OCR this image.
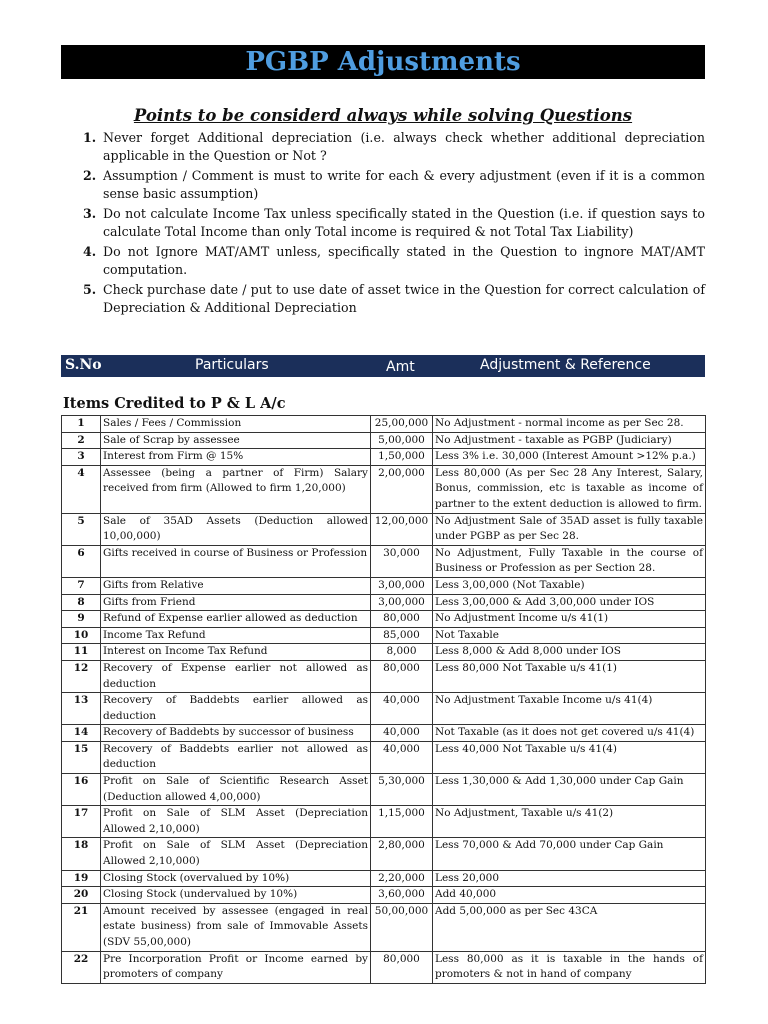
PGBP Adjustments
Points to be considerd always while solving Questions
1. Never forget Additional depreciation (i.e. always check whether additional depreciation applicable in the Question or Not ?
2. Assumption / Comment is must to write for each & every adjustment (even if it is a common sense basic assumption)
3. Do not calculate Income Tax unless specifically stated in the Question (i.e. if question says to calculate Total Income than only Total income is required & not Total Tax Liability)
4. Do not Ignore MAT/AMT unless, specifically stated in the Question to ingnore MAT/AMT computation.
5. Check purchase date / put to use date of asset twice in the Question for correct calculation of Depreciation & Additional Depreciation
S.No	Particulars	Amt	Adjustment & Reference
Items Credited to P & L A/c
1	Sales / Fees / Commission	25,00,000	No Adjustment - normal income as per Sec 28.
2	Sale of Scrap by assessee	5,00,000	No Adjustment - taxable as PGBP (Judiciary)
3	Interest from Firm @ 15%	1,50,000	Less 3% i.e. 30,000 (Interest Amount >12% p.a.)
4	Assessee (being a partner of Firm) Salary received from firm (Allowed to firm 1,20,000)	2,00,000	Less 80,000 (As per Sec 28 Any Interest, Salary, Bonus, commission, etc is taxable as income of partner to the extent deduction is allowed to firm.
5	Sale of 35AD Assets (Deduction allowed 10,00,000)	12,00,000	No Adjustment Sale of 35AD asset is fully taxable under PGBP as per Sec 28.
6	Gifts received in course of Business or Profession	30,000	No Adjustment, Fully Taxable in the course of Business or Profession as per Section 28.
7	Gifts from Relative	3,00,000	Less 3,00,000 (Not Taxable)
8	Gifts from Friend	3,00,000	Less 3,00,000 & Add 3,00,000 under IOS
9	Refund of Expense earlier allowed as deduction	80,000	No Adjustment Income u/s 41(1)
10	Income Tax Refund	85,000	Not Taxable
11	Interest on Income Tax Refund	8,000	Less 8,000 & Add 8,000 under IOS
12	Recovery of Expense earlier not allowed as deduction	80,000	Less 80,000 Not Taxable u/s 41(1)
13	Recovery of Baddebts earlier allowed as deduction	40,000	No Adjustment Taxable Income u/s 41(4)
14	Recovery of Baddebts by successor of business	40,000	Not Taxable (as it does not get covered u/s 41(4)
15	Recovery of Baddebts earlier not allowed as deduction	40,000	Less 40,000 Not Taxable u/s 41(4)
16	Profit on Sale of Scientific Research Asset (Deduction allowed 4,00,000)	5,30,000	Less 1,30,000 & Add 1,30,000 under Cap Gain
17	Profit on Sale of SLM Asset (Depreciation Allowed 2,10,000)	1,15,000	No Adjustment, Taxable u/s 41(2)
18	Profit on Sale of SLM Asset (Depreciation Allowed 2,10,000)	2,80,000	Less 70,000 & Add 70,000 under Cap Gain
19	Closing Stock (overvalued by 10%)	2,20,000	Less 20,000
20	Closing Stock (undervalued by 10%)	3,60,000	Add 40,000
21	Amount received by assessee (engaged in real estate business) from sale of Immovable Assets (SDV 55,00,000)	50,00,000	Add 5,00,000 as per Sec 43CA
22	Pre Incorporation Profit or Income earned by promoters of company	80,000	Less 80,000 as it is taxable in the hands of promoters & not in hand of company
